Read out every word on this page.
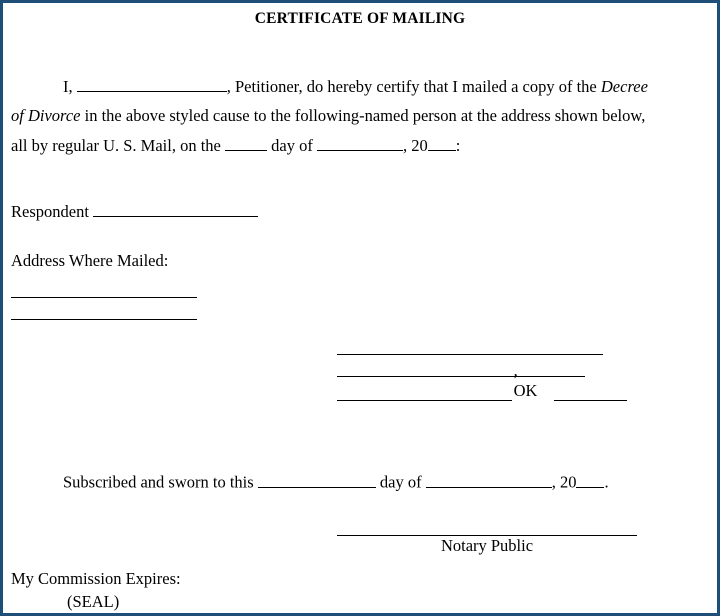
CERTIFICATE OF MAILING
I,	, Petitioner, do hereby certify that I mailed a copy of the Decree
of Divorce in the above styled cause to the following-named person at the address shown below,
all by regular U. S. Mail, on the	day of	, 20 :
Respondent
Address Where Mailed:
, OK
Subscribed and sworn to this	day of	, 20 .
Notary Public
My Commission Expires:
(SEAL)
